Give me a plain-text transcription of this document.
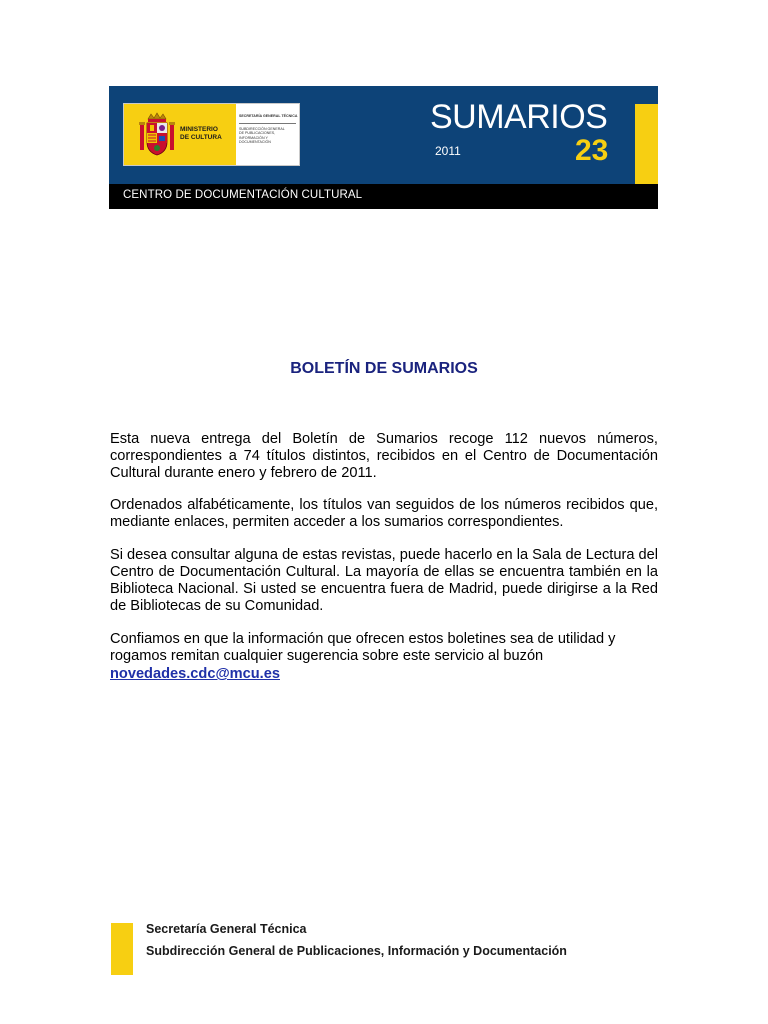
MINISTERIO
DE CULTURA
SECRETARÍA GENERAL TÉCNICA
SUBDIRECCIÓN GENERAL
DE PUBLICACIONES,
INFORMACIÓN Y
DOCUMENTACIÓN
SUMARIOS
2011	23
CENTRO DE DOCUMENTACIÓN CULTURAL
BOLETÍN DE SUMARIOS

Esta nueva entrega del Boletín de Sumarios recoge 112 nuevos números, correspondientes a 74 títulos distintos, recibidos en el Centro de Documentación Cultural durante enero y febrero de 2011.

Ordenados alfabéticamente, los títulos van seguidos de los números recibidos que, mediante enlaces, permiten acceder a los sumarios correspondientes.

Si desea consultar alguna de estas revistas, puede hacerlo en la Sala de Lectura del Centro de Documentación Cultural. La mayoría de ellas se encuentra también en la Biblioteca Nacional. Si usted se encuentra fuera de Madrid, puede dirigirse a la Red de Bibliotecas de su Comunidad.

Confiamos en que la información que ofrecen estos boletines sea de utilidad y rogamos remitan cualquier sugerencia sobre este servicio al buzón

novedades.cdc@mcu.es
Secretaría General Técnica
Subdirección General de Publicaciones, Información y Documentación
